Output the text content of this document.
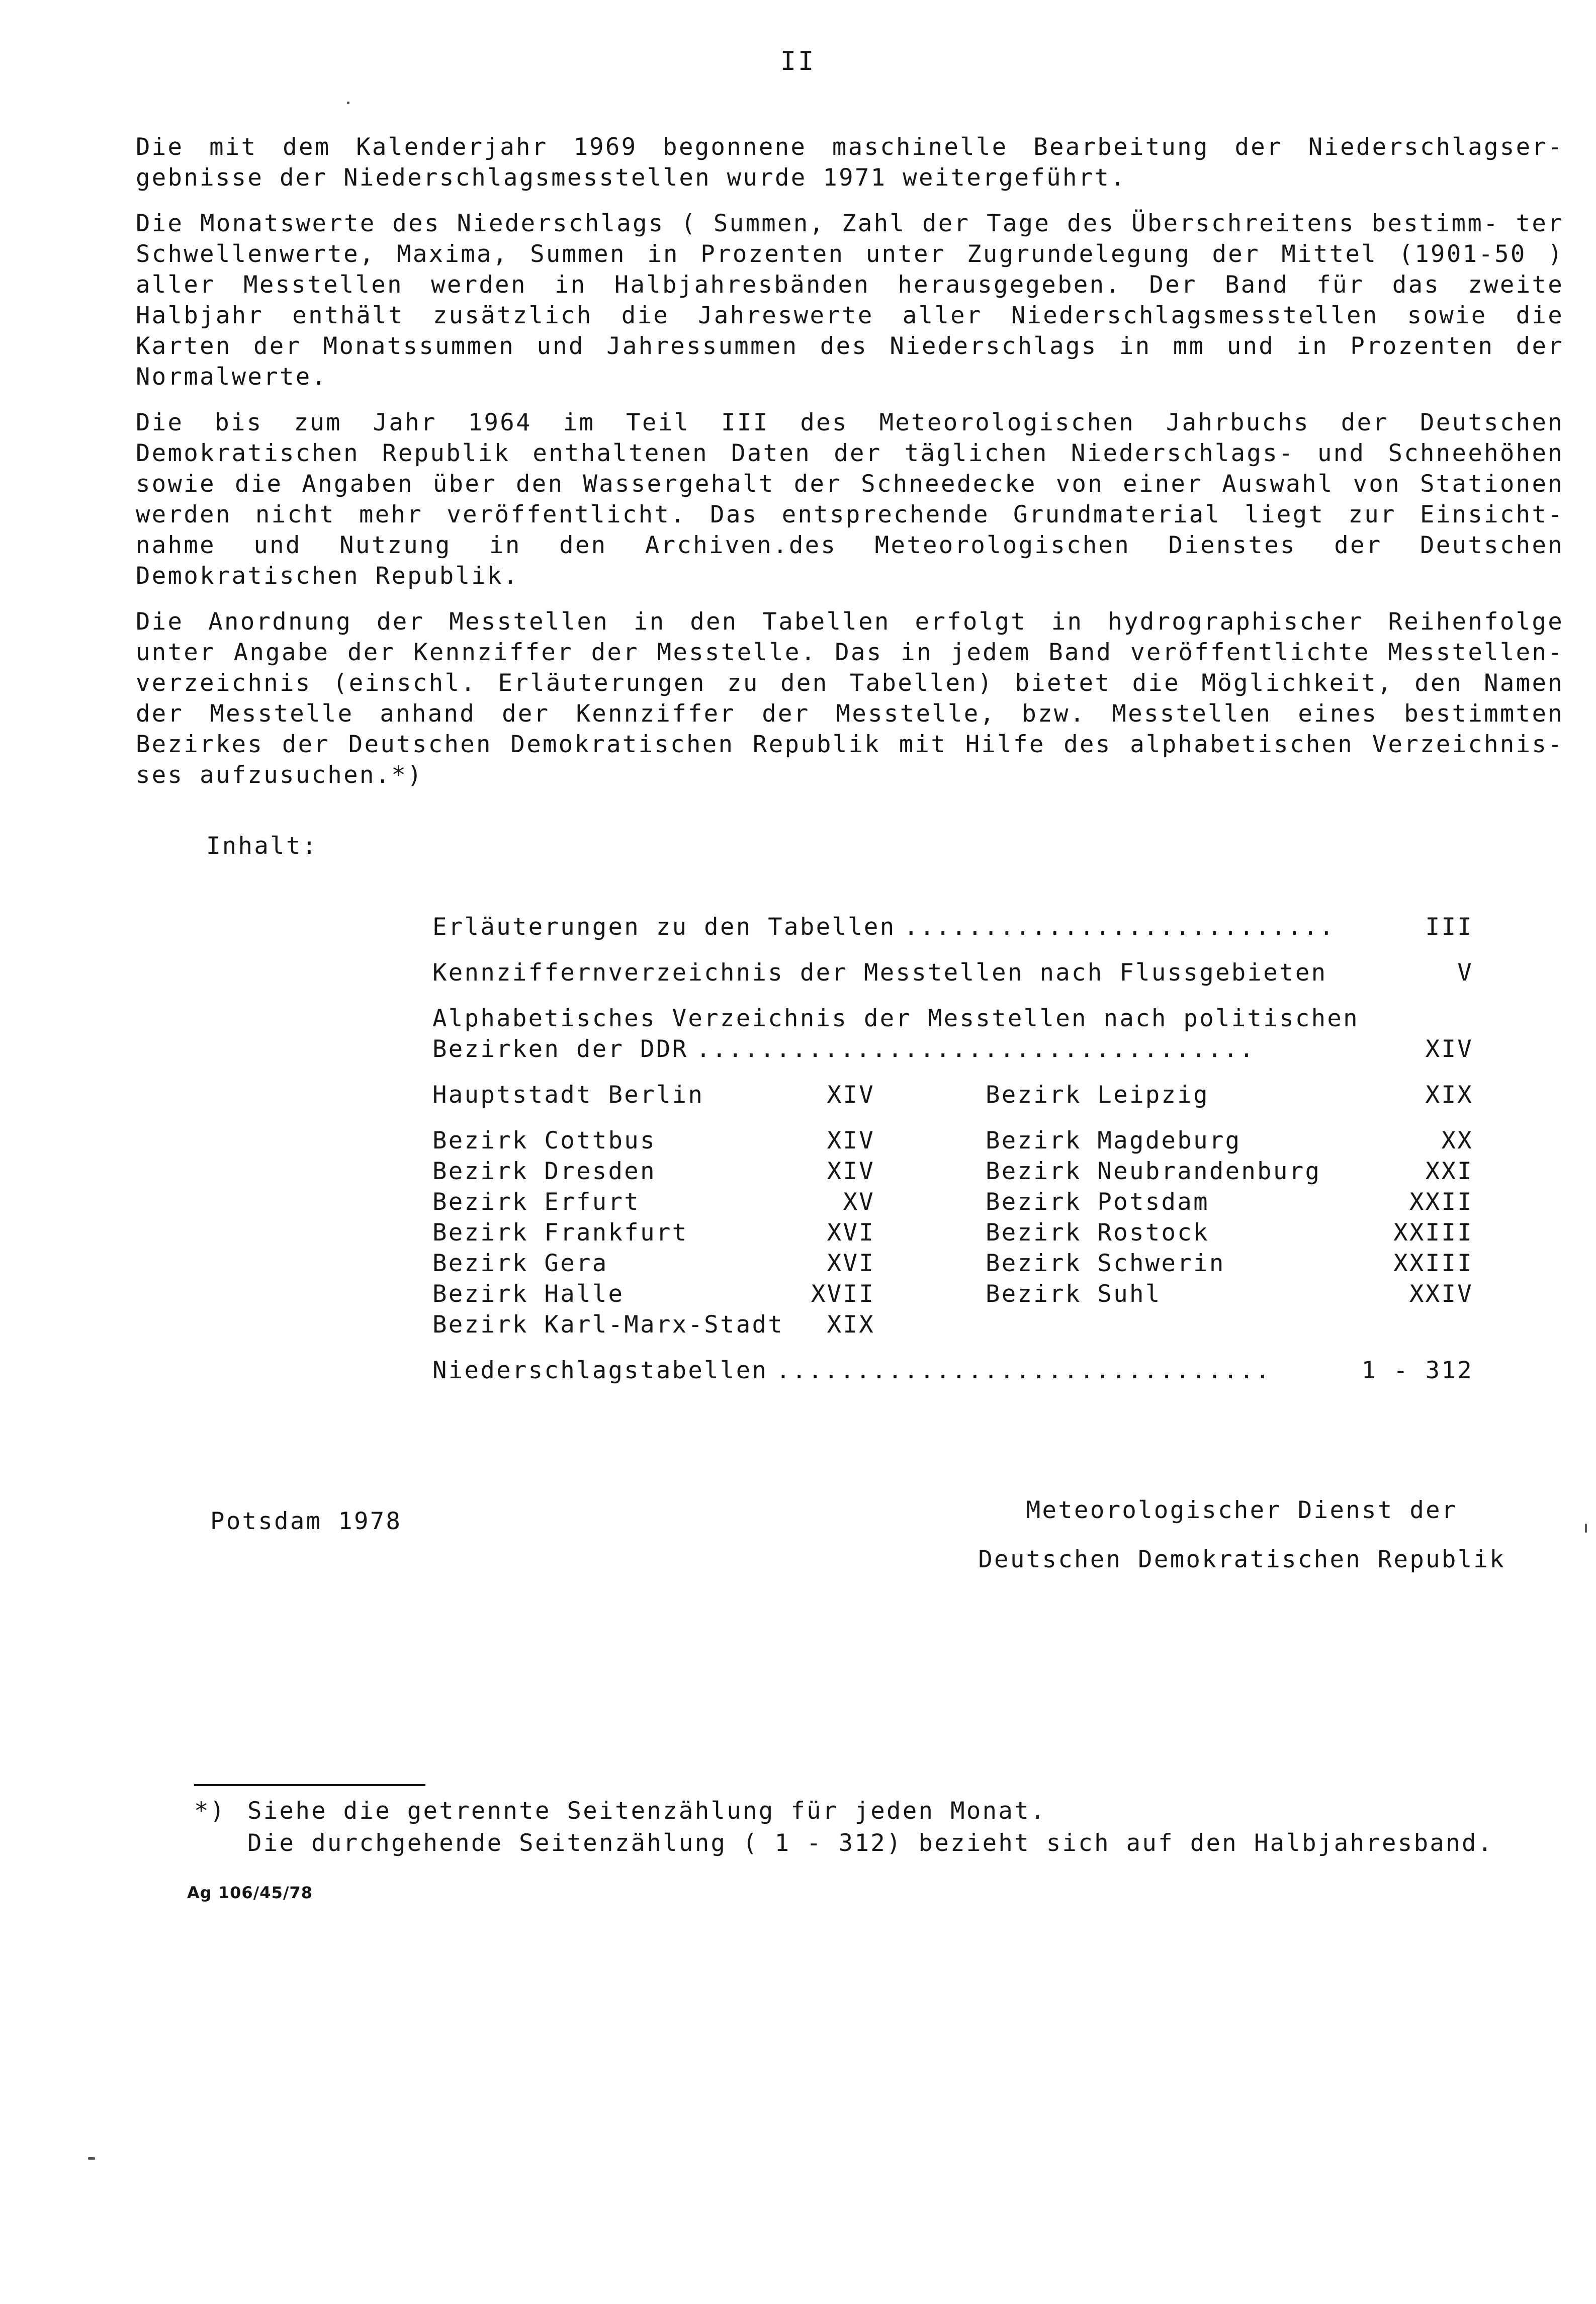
II

Die mit dem Kalenderjahr 1969 begonnene maschinelle Bearbeitung der Niederschlagser- gebnisse der Niederschlagsmesstellen wurde 1971 weitergeführt.

Die Monatswerte des Niederschlags ( Summen, Zahl der Tage des Überschreitens bestimm- ter Schwellenwerte, Maxima, Summen in Prozenten unter Zugrundelegung der Mittel (1901-50 ) aller Messtellen werden in Halbjahresbänden herausgegeben. Der Band für das zweite Halbjahr enthält zusätzlich die Jahreswerte aller Niederschlagsmesstellen sowie die Karten der Monatssummen und Jahressummen des Niederschlags in mm und in Prozenten der Normalwerte.

Die bis zum Jahr 1964 im Teil III des Meteorologischen Jahrbuchs der Deutschen Demokratischen Republik enthaltenen Daten der täglichen Niederschlags- und Schneehöhen sowie die Angaben über den Wassergehalt der Schneedecke von einer Auswahl von Stationen werden nicht mehr veröffentlicht. Das entsprechende Grundmaterial liegt zur Einsicht- nahme und Nutzung in den Archiven.des Meteorologischen Dienstes der Deutschen Demokratischen Republik.

Die Anordnung der Messtellen in den Tabellen erfolgt in hydrographischer Reihenfolge unter Angabe der Kennziffer der Messtelle. Das in jedem Band veröffentlichte Messtellen- verzeichnis (einschl. Erläuterungen zu den Tabellen) bietet die Möglichkeit, den Namen der Messtelle anhand der Kennziffer der Messtelle, bzw. Messtellen eines bestimmten Bezirkes der Deutschen Demokratischen Republik mit Hilfe des alphabetischen Verzeichnis- ses aufzusuchen.*)

Inhalt:
Erläuterungen zu den Tabellen ...........................	III
Kennziffernverzeichnis der Messtellen nach Flussgebieten	V
Alphabetisches Verzeichnis der Messtellen nach politischen
Bezirken der DDR ...................................	XIV
Hauptstadt Berlin	XIV
Bezirk Cottbus	XIV
Bezirk Dresden	XIV
Bezirk Erfurt	XV
Bezirk Frankfurt	XVI
Bezirk Gera	XVI
Bezirk Halle	XVII
Bezirk Karl-Marx-Stadt XIX
Bezirk Leipzig	XIX
Bezirk Magdeburg	XX
Bezirk Neubrandenburg	XXI
Bezirk Potsdam	XXII
Bezirk Rostock	XXIII
Bezirk Schwerin	XXIII
Bezirk Suhl	XXIV
Niederschlagstabellen ...............................	1 - 312
Potsdam 1978	Meteorologischer Dienst der
Deutschen Demokratischen Republik
*) Siehe die getrennte Seitenzählung für jeden Monat.
Die durchgehende Seitenzählung ( 1 - 312) bezieht sich auf den Halbjahresband.
Ag 106/45/78
